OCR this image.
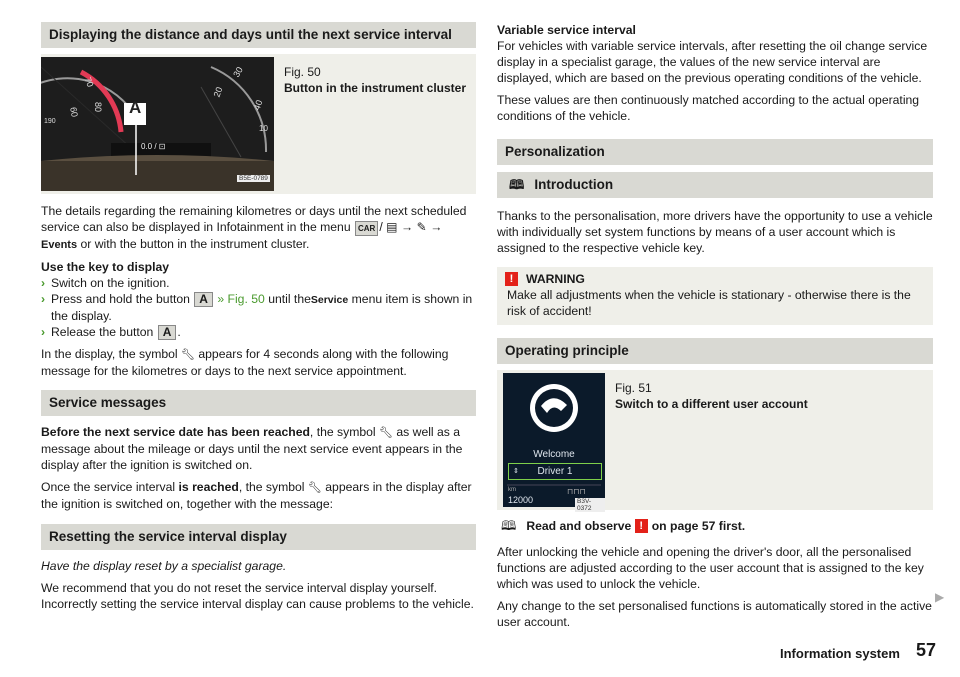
Displaying the distance and days until the next service interval
Fig. 50
Button in the instrument cluster
70
60 80
190
30
20
40
10
A
0.0 / ⊡
B5E-0789

The details regarding the remaining kilometres or days until the next scheduled service can also be displayed in Infotainment in the menu CAR / ▤ → ✎ → Events or with the button in the instrument cluster.

Use the key to display

› Switch on the ignition.
› Press and hold the button A » Fig. 50 until theService menu item is shown in the display.
› Release the button A .

In the display, the symbol 🔧︎ appears for 4 seconds along with the following message for the kilometres or days to the next service appointment.

Service messages

Before the next service date has been reached, the symbol 🔧︎ as well as a message about the mileage or days until the next service event appears in the display after the ignition is switched on.

Once the service interval is reached, the symbol 🔧︎ appears in the display after the ignition is switched on, together with the message:

Resetting the service interval display

Have the display reset by a specialist garage.

We recommend that you do not reset the service interval display yourself. Incorrectly setting the service interval display can cause problems to the vehicle.

Variable service interval

For vehicles with variable service intervals, after resetting the oil change service display in a specialist garage, the values of the new service interval are displayed, which are based on the previous operating conditions of the vehicle.

These values are then continuously matched according to the actual operating conditions of the vehicle.

Personalization
🕮︎ Introduction

Thanks to the personalisation, more drivers have the opportunity to use a vehicle with individually set system functions by means of a user account which is assigned to the respective vehicle key.

!	WARNING
Make all adjustments when the vehicle is stationary - otherwise there is the risk of accident!
Operating principle
Welcome
⇕	Driver 1
km
12000
⊓⊓⊓
B3V-0372
Fig. 51
Switch to a different user account

🕮︎ Read and observe
! on page 57 first.

After unlocking the vehicle and opening the driver's door, all the personalised functions are adjusted according to the user account that is assigned to the key which was used to unlock the vehicle.

Any change to the set personalised functions is automatically stored in the active user account.

▶
Information system 57
